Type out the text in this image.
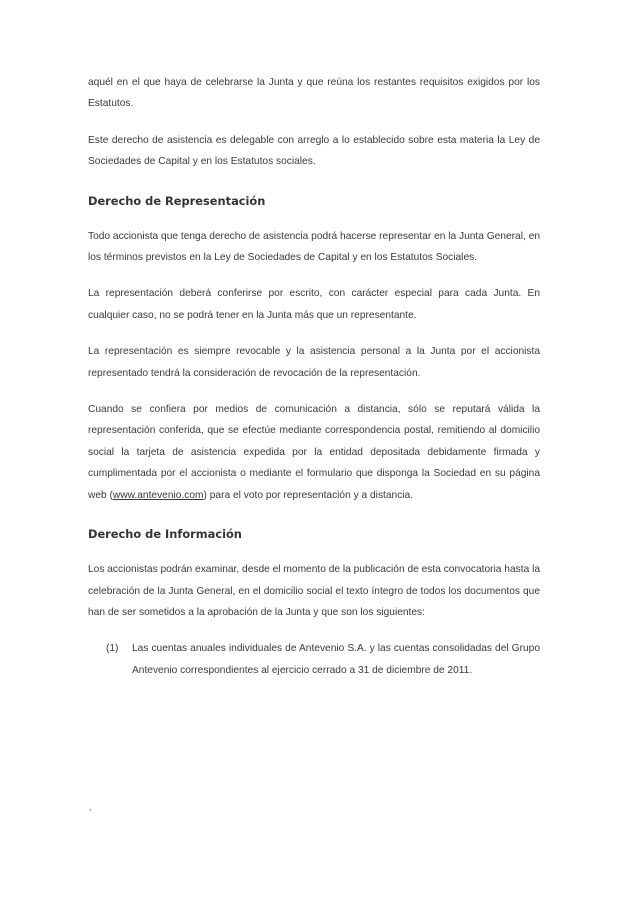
aquél en el que haya de celebrarse la Junta y que reúna los restantes requisitos exigidos por los Estatutos.

Este derecho de asistencia es delegable con arreglo a lo establecido sobre esta materia la Ley de Sociedades de Capital y en los Estatutos sociales.

Derecho de Representación

Todo accionista que tenga derecho de asistencia podrá hacerse representar en la Junta General, en los términos previstos en la Ley de Sociedades de Capital y en los Estatutos Sociales.

La representación deberá conferirse por escrito, con carácter especial para cada Junta. En cualquier caso, no se podrá tener en la Junta más que un representante.

La representación es siempre revocable y la asistencia personal a la Junta por el accionista representado tendrá la consideración de revocación de la representación.

Cuando se confiera por medios de comunicación a distancia, sólo se reputará válida la representación conferida, que se efectúe mediante correspondencia postal, remitiendo al domicilio social la tarjeta de asistencia expedida por la entidad depositada debidamente firmada y cumplimentada por el accionista o mediante el formulario que disponga la Sociedad en su página web (www.antevenio.com) para el voto por representación y a distancia.

Derecho de Información

Los accionistas podrán examinar, desde el momento de la publicación de esta convocatoria hasta la celebración de la Junta General, en el domicilio social el texto íntegro de todos los documentos que han de ser sometidos a la aprobación de la Junta y que son los siguientes:

(1)	Las cuentas anuales individuales de Antevenio S.A. y las cuentas consolidadas del Grupo Antevenio correspondientes al ejercicio cerrado a 31 de diciembre de 2011.

,
